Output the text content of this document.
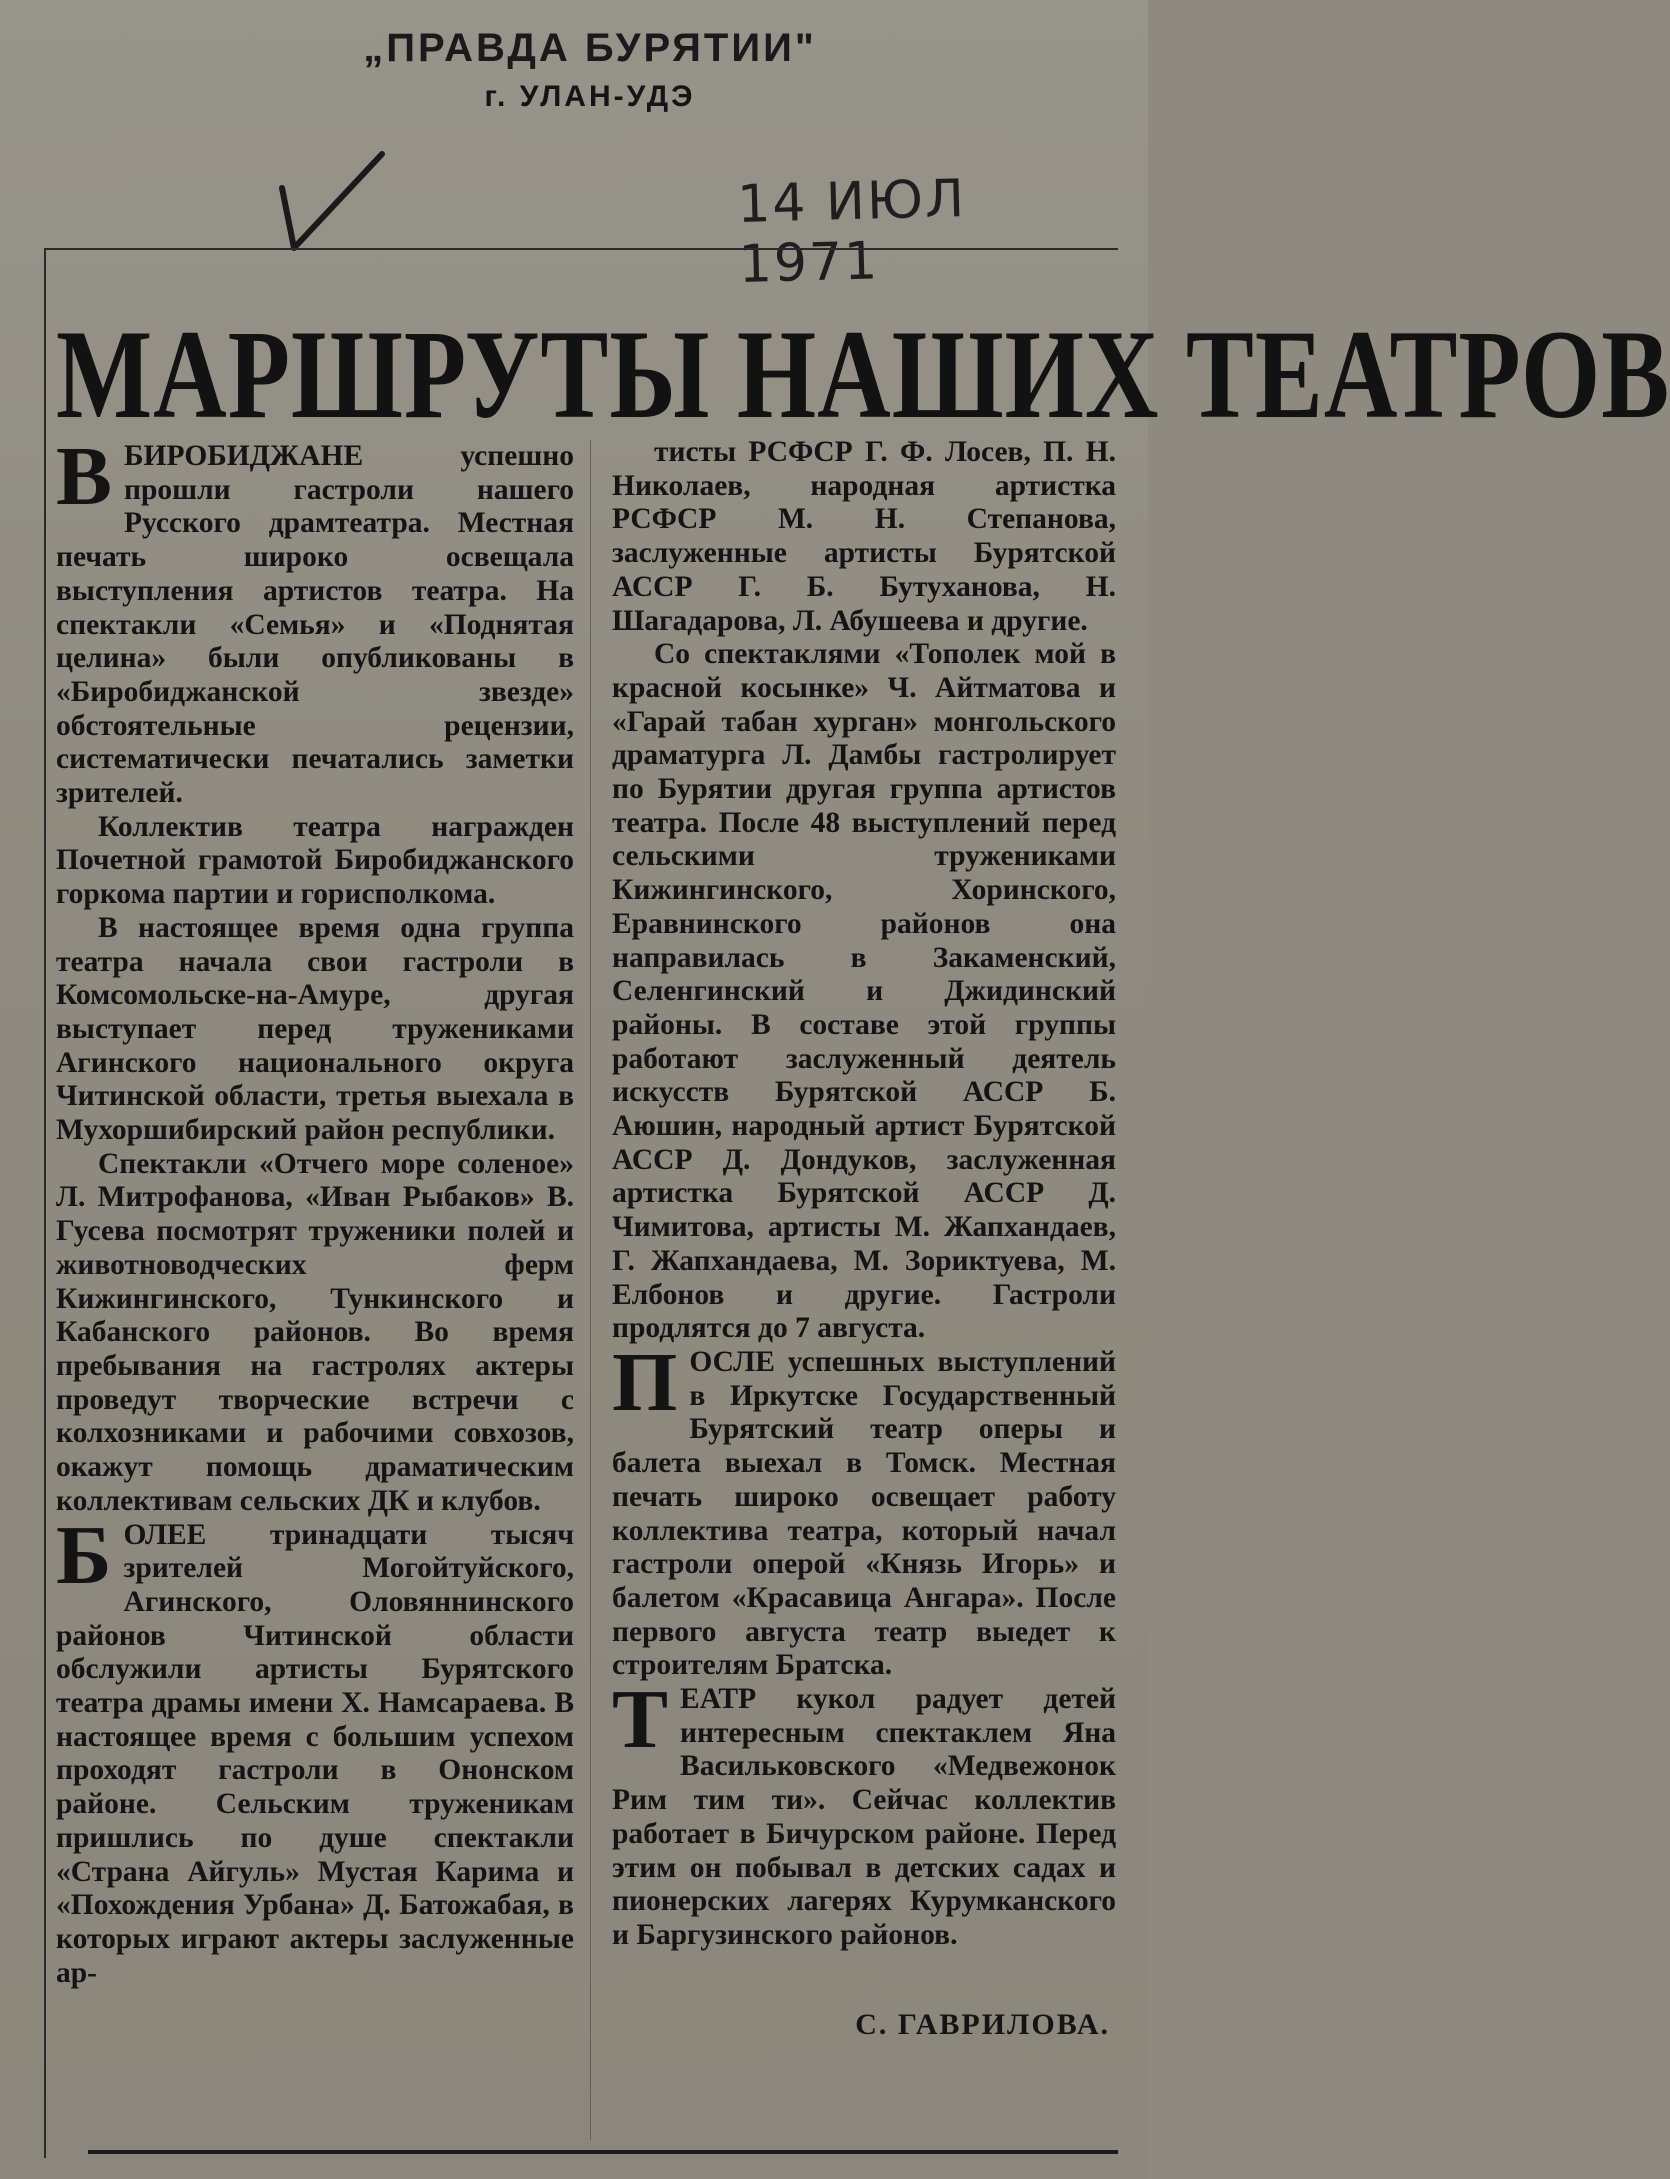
„ПРАВДА БУРЯТИИ"
г. УЛАН-УДЭ
14 ИЮЛ 1971
МАРШРУТЫ НАШИХ ТЕАТРОВ

ВБИРОБИДЖАНЕ успешно прошли гастроли нашего Русского драмтеатра. Местная печать широко освещала выступления артистов театра. На спектакли «Семья» и «Поднятая целина» были опубликованы в «Биробиджанской звезде» обстоятельные рецензии, систематически печатались заметки зрителей.

Коллектив театра награжден Почетной грамотой Биробиджанского горкома партии и горисполкома.

В настоящее время одна группа театра начала свои гастроли в Комсомольске-на-Амуре, другая выступает перед тружениками Агинского национального округа Читинской области, третья выехала в Мухоршибирский район республики.

Спектакли «Отчего море соленое» Л. Митрофанова, «Иван Рыбаков» В. Гусева посмотрят труженики полей и животноводческих ферм Кижингинского, Тункинского и Кабанского районов. Во время пребывания на гастролях актеры проведут творческие встречи с колхозниками и рабочими совхозов, окажут помощь драматическим коллективам сельских ДК и клубов.

БОЛЕЕ тринадцати тысяч зрителей Могойтуйского, Агинского, Оловяннинского районов Читинской области обслужили артисты Бурятского театра драмы имени Х. Намсараева. В настоящее время с большим успехом проходят гастроли в Ононском районе. Сельским труженикам пришлись по душе спектакли «Страна Айгуль» Мустая Карима и «Похождения Урбана» Д. Батожабая, в которых играют актеры заслуженные ар-

тисты РСФСР Г. Ф. Лосев, П. Н. Николаев, народная артистка РСФСР М. Н. Степанова, заслуженные артисты Бурятской АССР Г. Б. Бутуханова, Н. Шагадарова, Л. Абушеева и другие.

Со спектаклями «Тополек мой в красной косынке» Ч. Айтматова и «Гарай табан хурган» монгольского драматурга Л. Дамбы гастролирует по Бурятии другая группа артистов театра. После 48 выступлений перед сельскими тружениками Кижингинского, Хоринского, Еравнинского районов она направилась в Закаменский, Селенгинский и Джидинский районы. В составе этой группы работают заслуженный деятель искусств Бурятской АССР Б. Аюшин, народный артист Бурятской АССР Д. Дондуков, заслуженная артистка Бурятской АССР Д. Чимитова, артисты М. Жапхандаев, Г. Жапхандаева, М. Зориктуева, М. Елбонов и другие. Гастроли продлятся до 7 августа.

ПОСЛЕ успешных выступлений в Иркутске Государственный Бурятский театр оперы и балета выехал в Томск. Местная печать широко освещает работу коллектива театра, который начал гастроли оперой «Князь Игорь» и балетом «Красавица Ангара». После первого августа театр выедет к строителям Братска.

ТЕАТР кукол радует детей интересным спектаклем Яна Васильковского «Медвежонок Рим тим ти». Сейчас коллектив работает в Бичурском районе. Перед этим он побывал в детских садах и пионерских лагерях Курумканского и Баргузинского районов.

С. ГАВРИЛОВА.
